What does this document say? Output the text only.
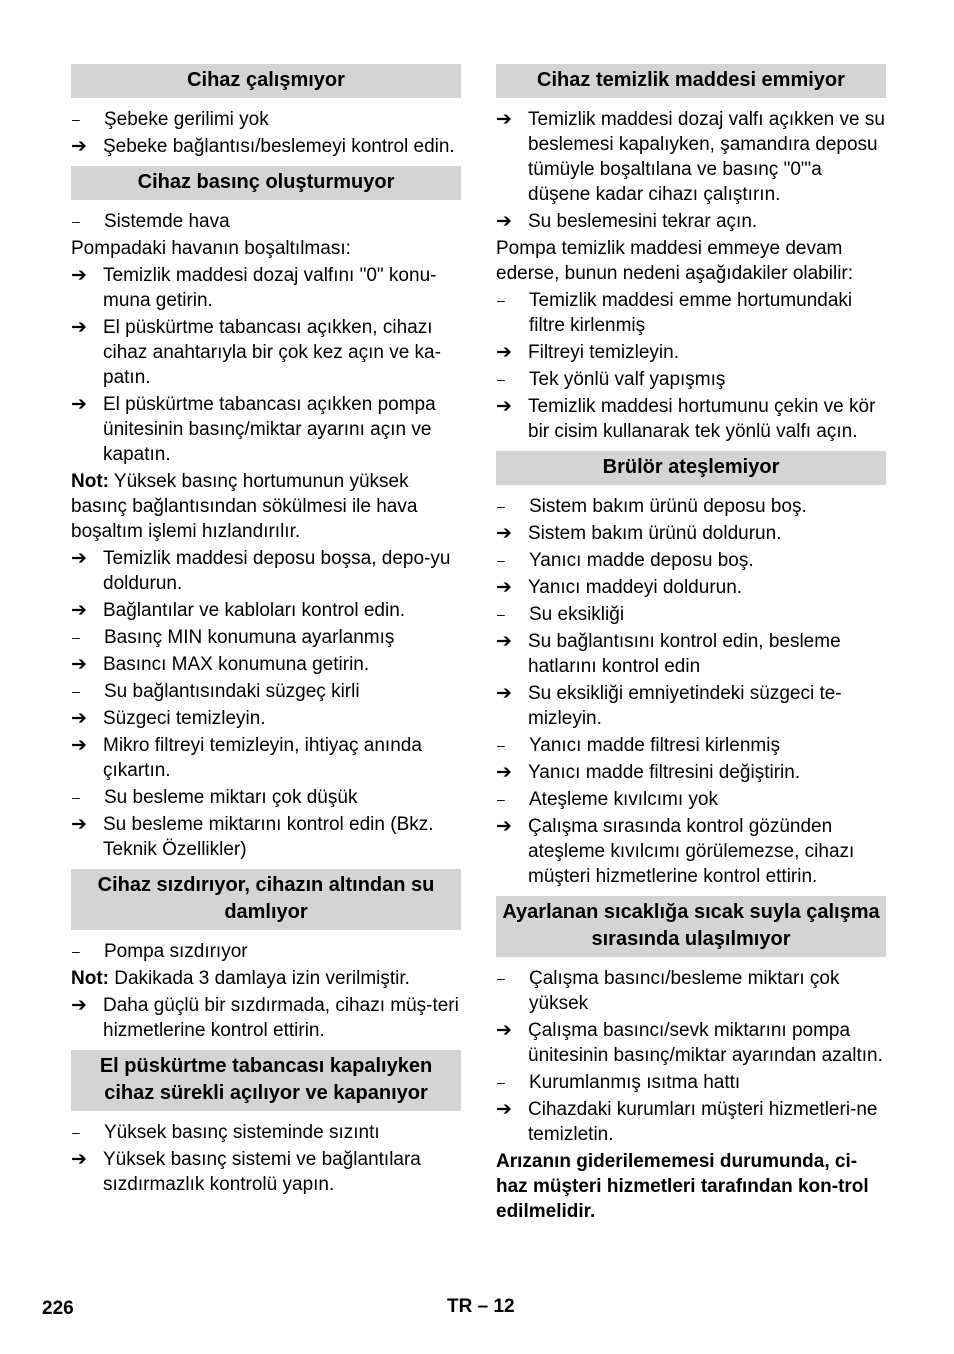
Cihaz çalışmıyor
–	Şebeke gerilimi yok
➔ Şebeke bağlantısı/beslemeyi kontrol edin.
Cihaz basınç oluşturmuyor
–	Sistemde hava
Pompadaki havanın boşaltılması:
➔ Temizlik maddesi dozaj valfını "0" konu-muna getirin.
➔ El püskürtme tabancası açıkken, cihazı cihaz anahtarıyla bir çok kez açın ve ka-patın.
➔ El püskürtme tabancası açıkken pompa ünitesinin basınç/miktar ayarını açın ve kapatın.
Not: Yüksek basınç hortumunun yüksek basınç bağlantısından sökülmesi ile hava boşaltım işlemi hızlandırılır.
➔ Temizlik maddesi deposu boşsa, depo-yu doldurun.
➔ Bağlantılar ve kabloları kontrol edin.
–	Basınç MIN konumuna ayarlanmış
➔ Basıncı MAX konumuna getirin.
–	Su bağlantısındaki süzgeç kirli
➔ Süzgeci temizleyin.
➔ Mikro filtreyi temizleyin, ihtiyaç anında çıkartın.
–	Su besleme miktarı çok düşük
➔ Su besleme miktarını kontrol edin (Bkz. Teknik Özellikler)
Cihaz sızdırıyor, cihazın altından su damlıyor
–	Pompa sızdırıyor
Not: Dakikada 3 damlaya izin verilmiştir.
➔ Daha güçlü bir sızdırmada, cihazı müş-teri hizmetlerine kontrol ettirin.
El püskürtme tabancası kapalıyken cihaz sürekli açılıyor ve kapanıyor
–	Yüksek basınç sisteminde sızıntı
➔ Yüksek basınç sistemi ve bağlantılara sızdırmazlık kontrolü yapın.
Cihaz temizlik maddesi emmiyor
➔ Temizlik maddesi dozaj valfı açıkken ve su beslemesi kapalıyken, şamandıra deposu tümüyle boşaltılana ve basınç "0"'a düşene kadar cihazı çalıştırın.
➔ Su beslemesini tekrar açın.
Pompa temizlik maddesi emmeye devam ederse, bunun nedeni aşağıdakiler olabilir:
–	Temizlik maddesi emme hortumundaki filtre kirlenmiş
➔ Filtreyi temizleyin.
–	Tek yönlü valf yapışmış
➔ Temizlik maddesi hortumunu çekin ve kör bir cisim kullanarak tek yönlü valfı açın.
Brülör ateşlemiyor
–	Sistem bakım ürünü deposu boş.
➔ Sistem bakım ürünü doldurun.
–	Yanıcı madde deposu boş.
➔ Yanıcı maddeyi doldurun.
–	Su eksikliği
➔ Su bağlantısını kontrol edin, besleme hatlarını kontrol edin
➔ Su eksikliği emniyetindeki süzgeci te-mizleyin.
–	Yanıcı madde filtresi kirlenmiş
➔ Yanıcı madde filtresini değiştirin.
–	Ateşleme kıvılcımı yok
➔ Çalışma sırasında kontrol gözünden ateşleme kıvılcımı görülemezse, cihazı müşteri hizmetlerine kontrol ettirin.
Ayarlanan sıcaklığa sıcak suyla çalışma sırasında ulaşılmıyor
–	Çalışma basıncı/besleme miktarı çok yüksek
➔ Çalışma basıncı/sevk miktarını pompa ünitesinin basınç/miktar ayarından azaltın.
–	Kurumlanmış ısıtma hattı
➔ Cihazdaki kurumları müşteri hizmetleri-ne temizletin.
Arızanın giderilememesi durumunda, ci-haz müşteri hizmetleri tarafından kon-trol edilmelidir.
226	TR – 12
